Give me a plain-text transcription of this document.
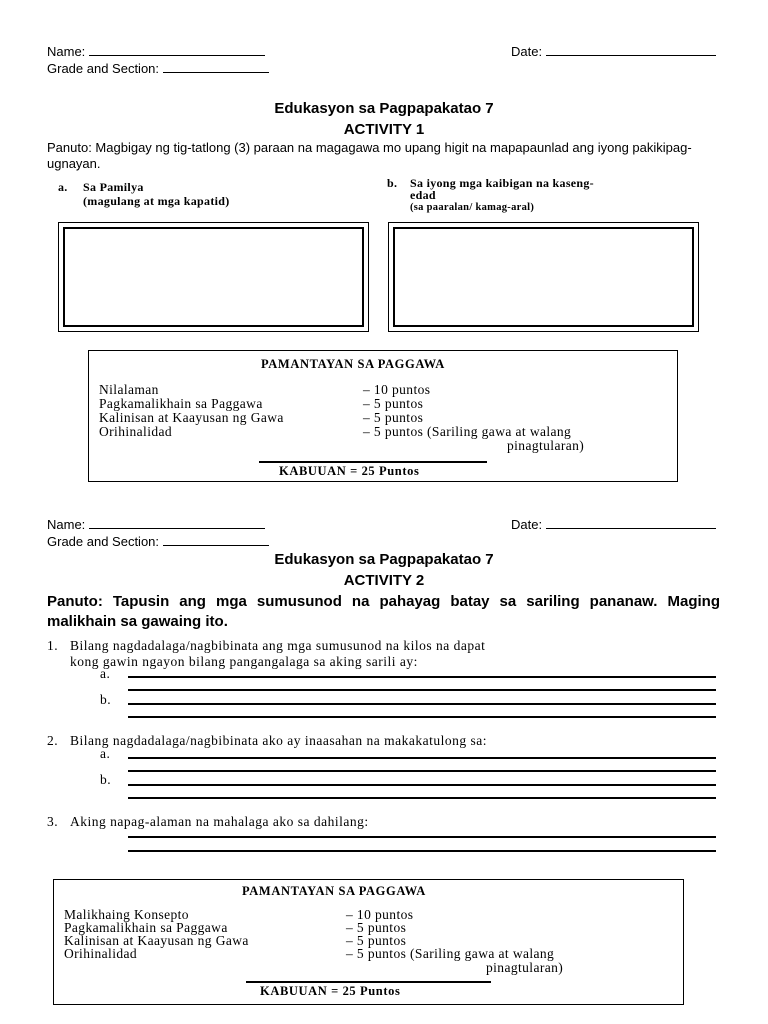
Name:	Date:
Grade and Section:
Edukasyon sa Pagpapakatao 7
ACTIVITY 1
Panuto: Magbigay ng tig-tatlong (3) paraan na magagawa mo upang higit na mapapaunlad ang iyong pakikipag-
ugnayan.
a. Sa Pamilya
(magulang at mga kapatid)
b. Sa iyong mga kaibigan na kaseng-
edad
(sa paaralan/ kamag-aral)
PAMANTAYAN SA PAGGAWA
Nilalaman	– 10 puntos
Pagkamalikhain sa Paggawa	– 5 puntos
Kalinisan at Kaayusan ng Gawa	– 5 puntos
Orihinalidad	– 5 puntos (Sariling gawa at walang
pinagtularan)
KABUUAN = 25 Puntos
Name:	Date:
Grade and Section:
Edukasyon sa Pagpapakatao 7
ACTIVITY 2
Panuto: Tapusin ang mga sumusunod na pahayag batay sa sariling pananaw. Maging
malikhain sa gawaing ito.
1. Bilang nagdadalaga/nagbibinata ang mga sumusunod na kilos na dapat
kong gawin ngayon bilang pangangalaga sa aking sarili ay:
a.
b.
2. Bilang nagdadalaga/nagbibinata ako ay inaasahan na makakatulong sa:
a.
b.
3. Aking napag-alaman na mahalaga ako sa dahilang:
PAMANTAYAN SA PAGGAWA
Malikhaing Konsepto	– 10 puntos
Pagkamalikhain sa Paggawa	– 5 puntos
Kalinisan at Kaayusan ng Gawa	– 5 puntos
Orihinalidad	– 5 puntos (Sariling gawa at walang
pinagtularan)
KABUUAN = 25 Puntos
